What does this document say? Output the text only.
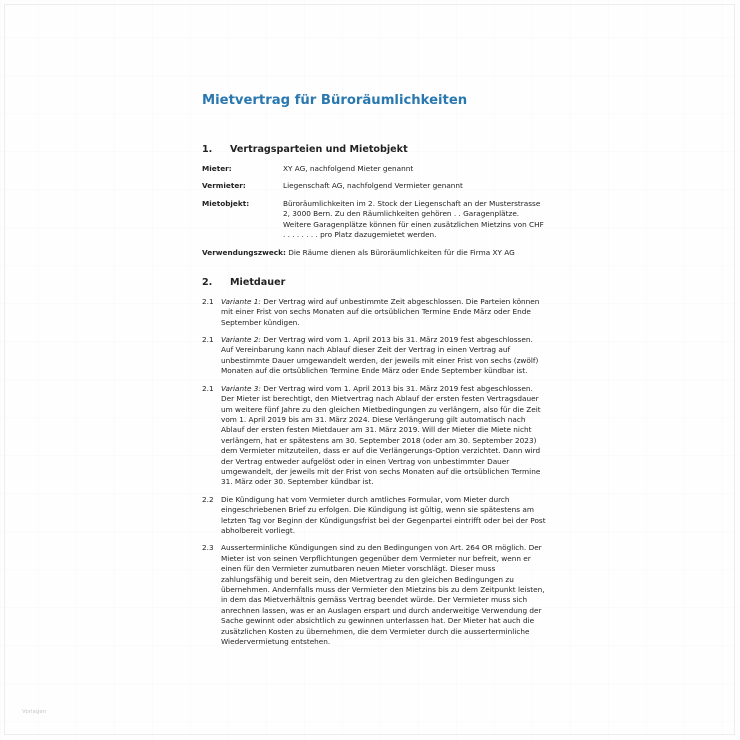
Mietvertrag für Büroräumlichkeiten
1.	Vertragsparteien und Mietobjekt
Mieter:	XY AG, nachfolgend Mieter genannt
Vermieter:	Liegenschaft AG, nachfolgend Vermieter genannt
Mietobjekt:	Büroräumlichkeiten im 2. Stock der Liegenschaft an der Musterstrasse 2, 3000 Bern. Zu den Räumlichkeiten gehören . . Garagenplätze. Weitere Garagenplätze können für einen zusätzlichen Mietzins von CHF . . . . . . . . pro Platz dazugemietet werden.
Verwendungszweck: Die Räume dienen als Büroräumlichkeiten für die Firma XY AG
2.	Mietdauer
2.1	Variante 1: Der Vertrag wird auf unbestimmte Zeit abgeschlossen. Die Parteien können mit einer Frist von sechs Monaten auf die ortsüblichen Termine Ende März oder Ende September kündigen.

2.1	Variante 2: Der Vertrag wird vom 1. April 2013 bis 31. März 2019 fest abgeschlossen. Auf Vereinbarung kann nach Ablauf dieser Zeit der Vertrag in einen Vertrag auf unbestimmte Dauer umgewandelt werden, der jeweils mit einer Frist von sechs (zwölf) Monaten auf die ortsüblichen Termine Ende März oder Ende September kündbar ist.

2.1	Variante 3: Der Vertrag wird vom 1. April 2013 bis 31. März 2019 fest abgeschlossen. Der Mieter ist berechtigt, den Mietvertrag nach Ablauf der ersten festen Vertragsdauer um weitere fünf Jahre zu den gleichen Mietbedingungen zu verlängern, also für die Zeit vom 1. April 2019 bis am 31. März 2024. Diese Verlängerung gilt automatisch nach Ablauf der ersten festen Mietdauer am 31. März 2019. Will der Mieter die Miete nicht verlängern, hat er spätestens am 30. September 2018 (oder am 30. September 2023) dem Vermieter mitzuteilen, dass er auf die Verlängerungs-Option verzichtet. Dann wird der Vertrag entweder aufgelöst oder in einen Vertrag von unbestimmter Dauer umgewandelt, der jeweils mit der Frist von sechs Monaten auf die ortsüblichen Termine 31. März oder 30. September kündbar ist.

2.2	Die Kündigung hat vom Vermieter durch amtliches Formular, vom Mieter durch eingeschriebenen Brief zu erfolgen. Die Kündigung ist gültig, wenn sie spätestens am letzten Tag vor Beginn der Kündigungsfrist bei der Gegenpartei eintrifft oder bei der Post abholbereit vorliegt.

2.3	Ausserterminliche Kündigungen sind zu den Bedingungen von Art. 264 OR möglich. Der Mieter ist von seinen Verpflichtungen gegenüber dem Vermieter nur befreit, wenn er einen für den Vermieter zumutbaren neuen Mieter vorschlägt. Dieser muss zahlungsfähig und bereit sein, den Mietvertrag zu den gleichen Bedingungen zu übernehmen. Andernfalls muss der Vermieter den Mietzins bis zu dem Zeitpunkt leisten, in dem das Mietverhältnis gemäss Vertrag beendet würde. Der Vermieter muss sich anrechnen lassen, was er an Auslagen erspart und durch anderweitige Verwendung der Sache gewinnt oder absichtlich zu gewinnen unterlassen hat. Der Mieter hat auch die zusätzlichen Kosten zu übernehmen, die dem Vermieter durch die ausserterminliche Wiedervermietung entstehen.

Vorlagen
